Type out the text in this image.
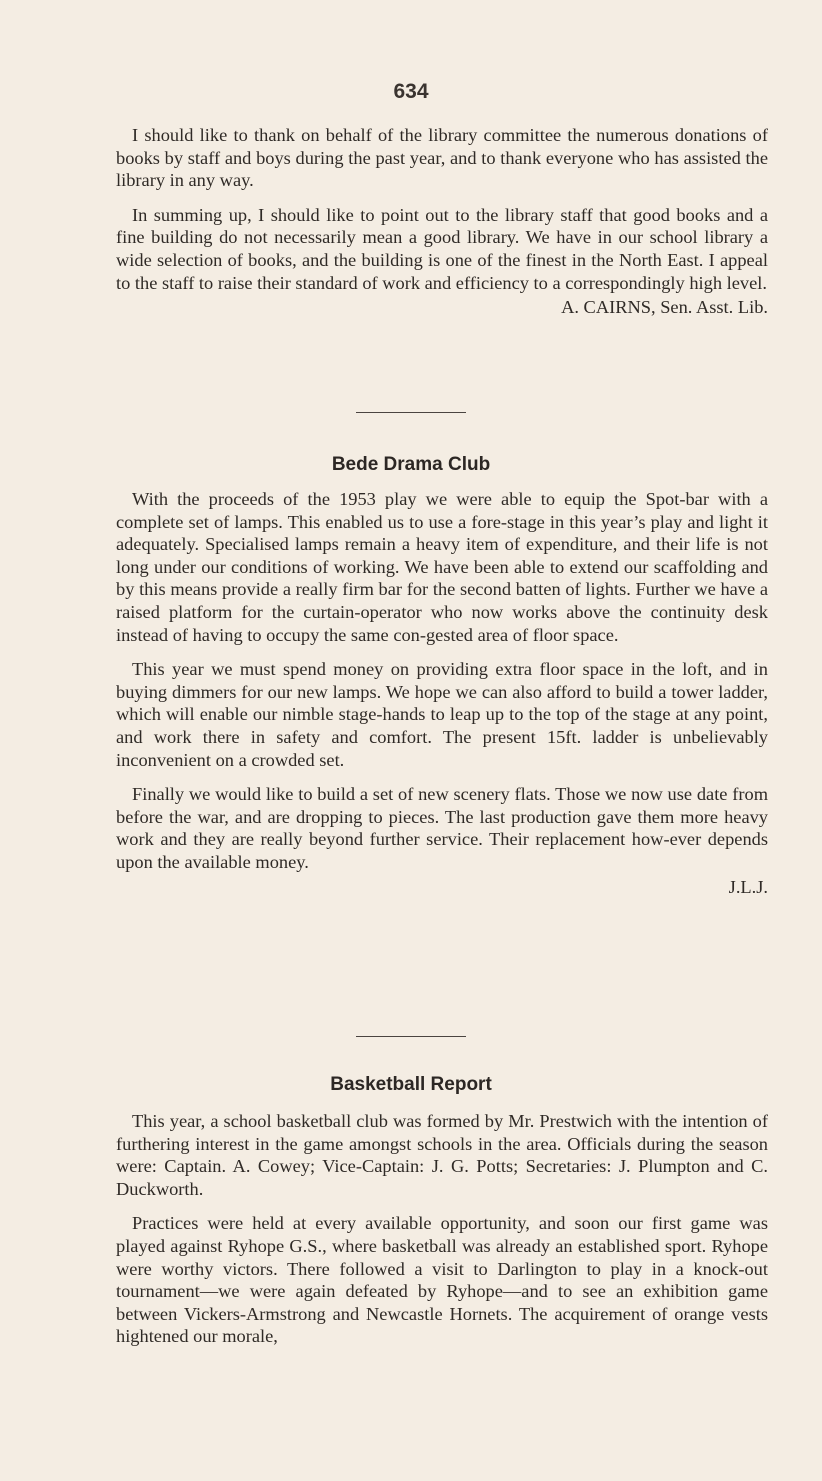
634

I should like to thank on behalf of the library committee the numerous donations of books by staff and boys during the past year, and to thank everyone who has assisted the library in any way.

In summing up, I should like to point out to the library staff that good books and a fine building do not necessarily mean a good library. We have in our school library a wide selection of books, and the building is one of the finest in the North East. I appeal to the staff to raise their standard of work and efficiency to a correspondingly high level.

A. CAIRNS, Sen. Asst. Lib.

Bede Drama Club

With the proceeds of the 1953 play we were able to equip the Spot-bar with a complete set of lamps. This enabled us to use a fore-stage in this year’s play and light it adequately. Specialised lamps remain a heavy item of expenditure, and their life is not long under our conditions of working. We have been able to extend our scaffolding and by this means provide a really firm bar for the second batten of lights. Further we have a raised platform for the curtain-operator who now works above the continuity desk instead of having to occupy the same con-gested area of floor space.

This year we must spend money on providing extra floor space in the loft, and in buying dimmers for our new lamps. We hope we can also afford to build a tower ladder, which will enable our nimble stage-hands to leap up to the top of the stage at any point, and work there in safety and comfort. The present 15ft. ladder is unbelievably inconvenient on a crowded set.

Finally we would like to build a set of new scenery flats. Those we now use date from before the war, and are dropping to pieces. The last production gave them more heavy work and they are really beyond further service. Their replacement how-ever depends upon the available money.

J.L.J.

Basketball Report

This year, a school basketball club was formed by Mr. Prestwich with the intention of furthering interest in the game amongst schools in the area. Officials during the season were: Captain. A. Cowey; Vice-Captain: J. G. Potts; Secretaries: J. Plumpton and C. Duckworth.

Practices were held at every available opportunity, and soon our first game was played against Ryhope G.S., where basketball was already an established sport. Ryhope were worthy victors. There followed a visit to Darlington to play in a knock-out tournament—we were again defeated by Ryhope—and to see an exhibition game between Vickers-Armstrong and Newcastle Hornets. The acquirement of orange vests hightened our morale,
